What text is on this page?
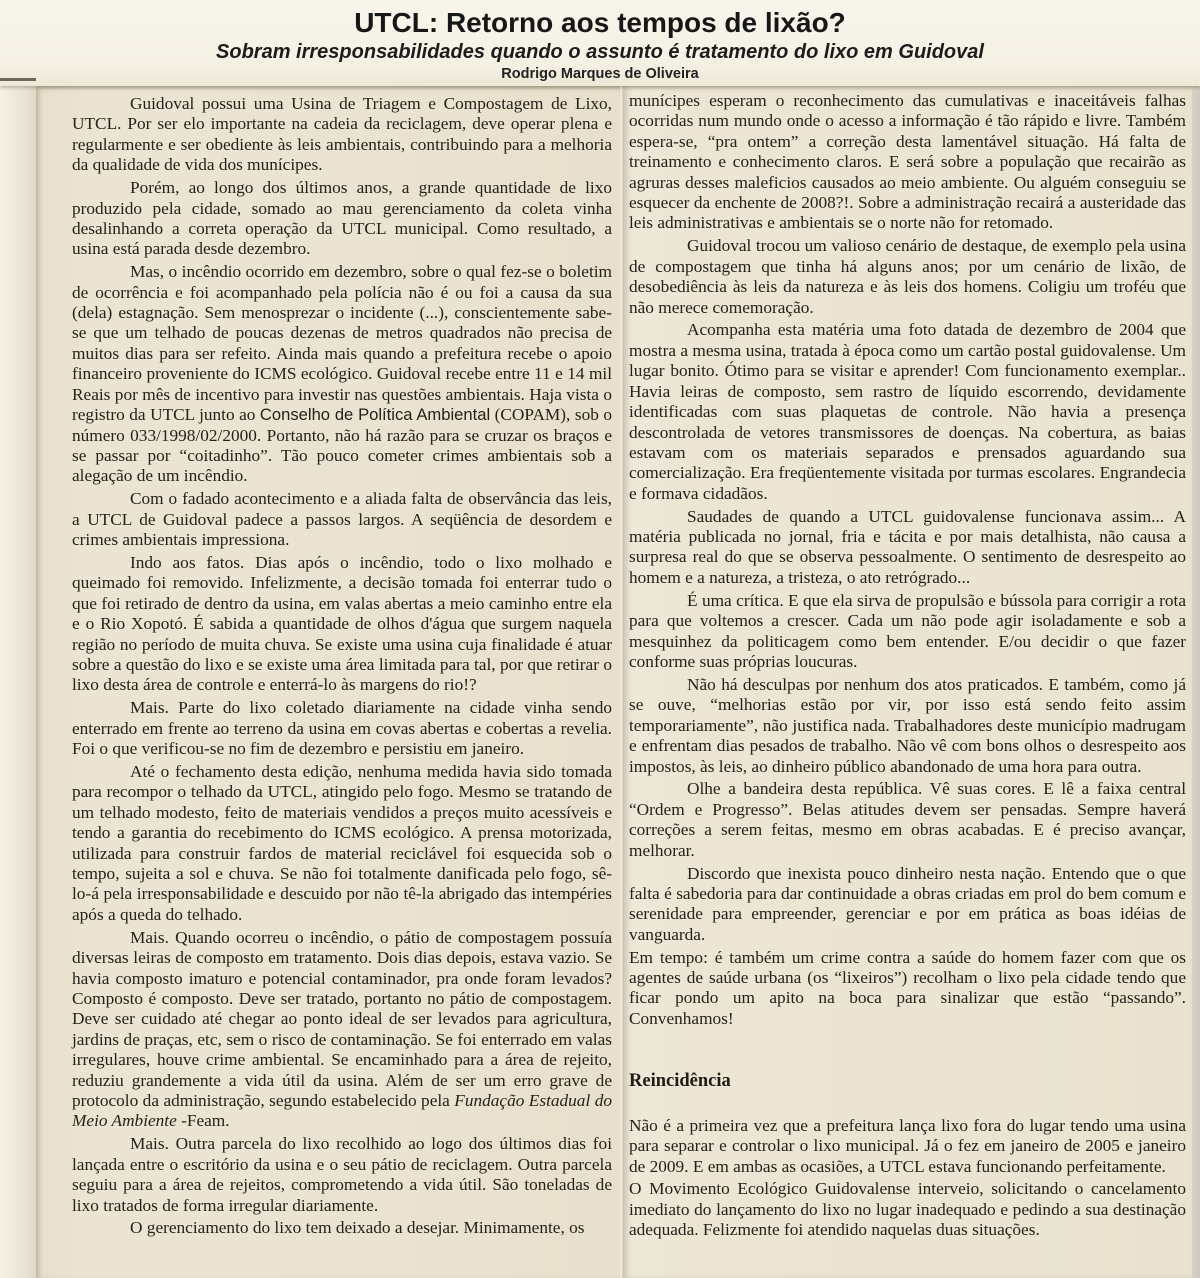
UTCL: Retorno aos tempos de lixão?
Sobram irresponsabilidades quando o assunto é tratamento do lixo em Guidoval
Rodrigo Marques de Oliveira

Guidoval possui uma Usina de Triagem e Compostagem de Lixo, UTCL. Por ser elo importante na cadeia da reciclagem, deve operar plena e regularmente e ser obediente às leis ambientais, contribuindo para a melhoria da qualidade de vida dos munícipes.

Porém, ao longo dos últimos anos, a grande quantidade de lixo produzido pela cidade, somado ao mau gerenciamento da coleta vinha desalinhando a correta operação da UTCL municipal. Como resultado, a usina está parada desde dezembro.

Mas, o incêndio ocorrido em dezembro, sobre o qual fez-se o boletim de ocorrência e foi acompanhado pela polícia não é ou foi a causa da sua (dela) estagnação. Sem menosprezar o incidente (...), conscientemente sabe-se que um telhado de poucas dezenas de metros quadrados não precisa de muitos dias para ser refeito. Ainda mais quando a prefeitura recebe o apoio financeiro proveniente do ICMS ecológico. Guidoval recebe entre 11 e 14 mil Reais por mês de incentivo para investir nas questões ambientais. Haja vista o registro da UTCL junto ao Conselho de Política Ambiental (COPAM), sob o número 033/1998/02/2000. Portanto, não há razão para se cruzar os braços e se passar por “coitadinho”. Tão pouco cometer crimes ambientais sob a alegação de um incêndio.

Com o fadado acontecimento e a aliada falta de observância das leis, a UTCL de Guidoval padece a passos largos. A seqüência de desordem e crimes ambientais impressiona.

Indo aos fatos. Dias após o incêndio, todo o lixo molhado e queimado foi removido. Infelizmente, a decisão tomada foi enterrar tudo o que foi retirado de dentro da usina, em valas abertas a meio caminho entre ela e o Rio Xopotó. É sabida a quantidade de olhos d'água que surgem naquela região no período de muita chuva. Se existe uma usina cuja finalidade é atuar sobre a questão do lixo e se existe uma área limitada para tal, por que retirar o lixo desta área de controle e enterrá-lo às margens do rio!?

Mais. Parte do lixo coletado diariamente na cidade vinha sendo enterrado em frente ao terreno da usina em covas abertas e cobertas a revelia. Foi o que verificou-se no fim de dezembro e persistiu em janeiro.

Até o fechamento desta edição, nenhuma medida havia sido tomada para recompor o telhado da UTCL, atingido pelo fogo. Mesmo se tratando de um telhado modesto, feito de materiais vendidos a preços muito acessíveis e tendo a garantia do recebimento do ICMS ecológico. A prensa motorizada, utilizada para construir fardos de material reciclável foi esquecida sob o tempo, sujeita a sol e chuva. Se não foi totalmente danificada pelo fogo, sê-lo-á pela irresponsabilidade e descuido por não tê-la abrigado das intempéries após a queda do telhado.

Mais. Quando ocorreu o incêndio, o pátio de compostagem possuía diversas leiras de composto em tratamento. Dois dias depois, estava vazio. Se havia composto imaturo e potencial contaminador, pra onde foram levados? Composto é composto. Deve ser tratado, portanto no pátio de compostagem. Deve ser cuidado até chegar ao ponto ideal de ser levados para agricultura, jardins de praças, etc, sem o risco de contaminação. Se foi enterrado em valas irregulares, houve crime ambiental. Se encaminhado para a área de rejeito, reduziu grandemente a vida útil da usina. Além de ser um erro grave de protocolo da administração, segundo estabelecido pela Fundação Estadual do Meio Ambiente -Feam.

Mais. Outra parcela do lixo recolhido ao logo dos últimos dias foi lançada entre o escritório da usina e o seu pátio de reciclagem. Outra parcela seguiu para a área de rejeitos, comprometendo a vida útil. São toneladas de lixo tratados de forma irregular diariamente.

O gerenciamento do lixo tem deixado a desejar. Minimamente, os

munícipes esperam o reconhecimento das cumulativas e inaceitáveis falhas ocorridas num mundo onde o acesso a informação é tão rápido e livre. Também espera-se, “pra ontem” a correção desta lamentável situação. Há falta de treinamento e conhecimento claros. E será sobre a população que recairão as agruras desses maleficios causados ao meio ambiente. Ou alguém conseguiu se esquecer da enchente de 2008?!. Sobre a administração recairá a austeridade das leis administrativas e ambientais se o norte não for retomado.

Guidoval trocou um valioso cenário de destaque, de exemplo pela usina de compostagem que tinha há alguns anos; por um cenário de lixão, de desobediência às leis da natureza e às leis dos homens. Coligiu um troféu que não merece comemoração.

Acompanha esta matéria uma foto datada de dezembro de 2004 que mostra a mesma usina, tratada à época como um cartão postal guidovalense. Um lugar bonito. Ótimo para se visitar e aprender! Com funcionamento exemplar.. Havia leiras de composto, sem rastro de líquido escorrendo, devidamente identificadas com suas plaquetas de controle. Não havia a presença descontrolada de vetores transmissores de doenças. Na cobertura, as baias estavam com os materiais separados e prensados aguardando sua comercialização. Era freqüentemente visitada por turmas escolares. Engrandecia e formava cidadãos.

Saudades de quando a UTCL guidovalense funcionava assim... A matéria publicada no jornal, fria e tácita e por mais detalhista, não causa a surpresa real do que se observa pessoalmente. O sentimento de desrespeito ao homem e a natureza, a tristeza, o ato retrógrado...

É uma crítica. E que ela sirva de propulsão e bússola para corrigir a rota para que voltemos a crescer. Cada um não pode agir isoladamente e sob a mesquinhez da politicagem como bem entender. E/ou decidir o que fazer conforme suas próprias loucuras.

Não há desculpas por nenhum dos atos praticados. E também, como já se ouve, “melhorias estão por vir, por isso está sendo feito assim temporariamente”, não justifica nada. Trabalhadores deste município madrugam e enfrentam dias pesados de trabalho. Não vê com bons olhos o desrespeito aos impostos, às leis, ao dinheiro público abandonado de uma hora para outra.

Olhe a bandeira desta república. Vê suas cores. E lê a faixa central “Ordem e Progresso”. Belas atitudes devem ser pensadas. Sempre haverá correções a serem feitas, mesmo em obras acabadas. E é preciso avançar, melhorar.

Discordo que inexista pouco dinheiro nesta nação. Entendo que o que falta é sabedoria para dar continuidade a obras criadas em prol do bem comum e serenidade para empreender, gerenciar e por em prática as boas idéias de vanguarda.

Em tempo: é também um crime contra a saúde do homem fazer com que os agentes de saúde urbana (os “lixeiros”) recolham o lixo pela cidade tendo que ficar pondo um apito na boca para sinalizar que estão “passando”. Convenhamos!

Reincidência

Não é a primeira vez que a prefeitura lança lixo fora do lugar tendo uma usina para separar e controlar o lixo municipal. Já o fez em janeiro de 2005 e janeiro de 2009. E em ambas as ocasiões, a UTCL estava funcionando perfeitamente.

O Movimento Ecológico Guidovalense interveio, solicitando o cancelamento imediato do lançamento do lixo no lugar inadequado e pedindo a sua destinação adequada. Felizmente foi atendido naquelas duas situações.
